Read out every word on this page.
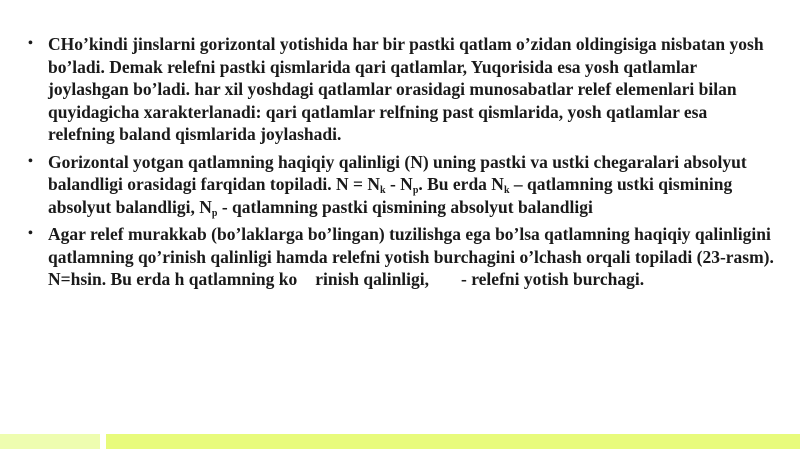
• CHo’kindi jinslarni gorizontal yotishida har bir pastki qatlam o’zidan oldingisiga nisbatan yosh bo’ladi. Demak relefni pastki qismlarida qari qatlamlar, Yuqorisida esa yosh qatlamlar joylashgan bo’ladi. har xil yoshdagi qatlamlar orasidagi munosabatlar relef elemenlari bilan quyidagicha xarakterlanadi: qari qatlamlar relfning past qismlarida, yosh qatlamlar esa relefning baland qismlarida joylashadi.
• Gorizontal yotgan qatlamning haqiqiy qalinligi (N) uning pastki va ustki chegaralari absolyut balandligi orasidagi farqidan topiladi. $N = N_k - N_p$. Bu erda $N_k$ – qatlamning ustki qismining absolyut balandligi, $N_p$ - qatlamning pastki qismining absolyut balandligi
• Agar relef murakkab (bo’laklarga bo’lingan) tuzilishga ega bo’lsa qatlamning haqiqiy qalinligini qatlamning qo’rinish qalinligi hamda relefni yotish burchagini o’lchash orqali topiladi (23-rasm). N=hsin. Bu erda h qatlamning ko rinish qalinligi, - relefni yotish burchagi.
